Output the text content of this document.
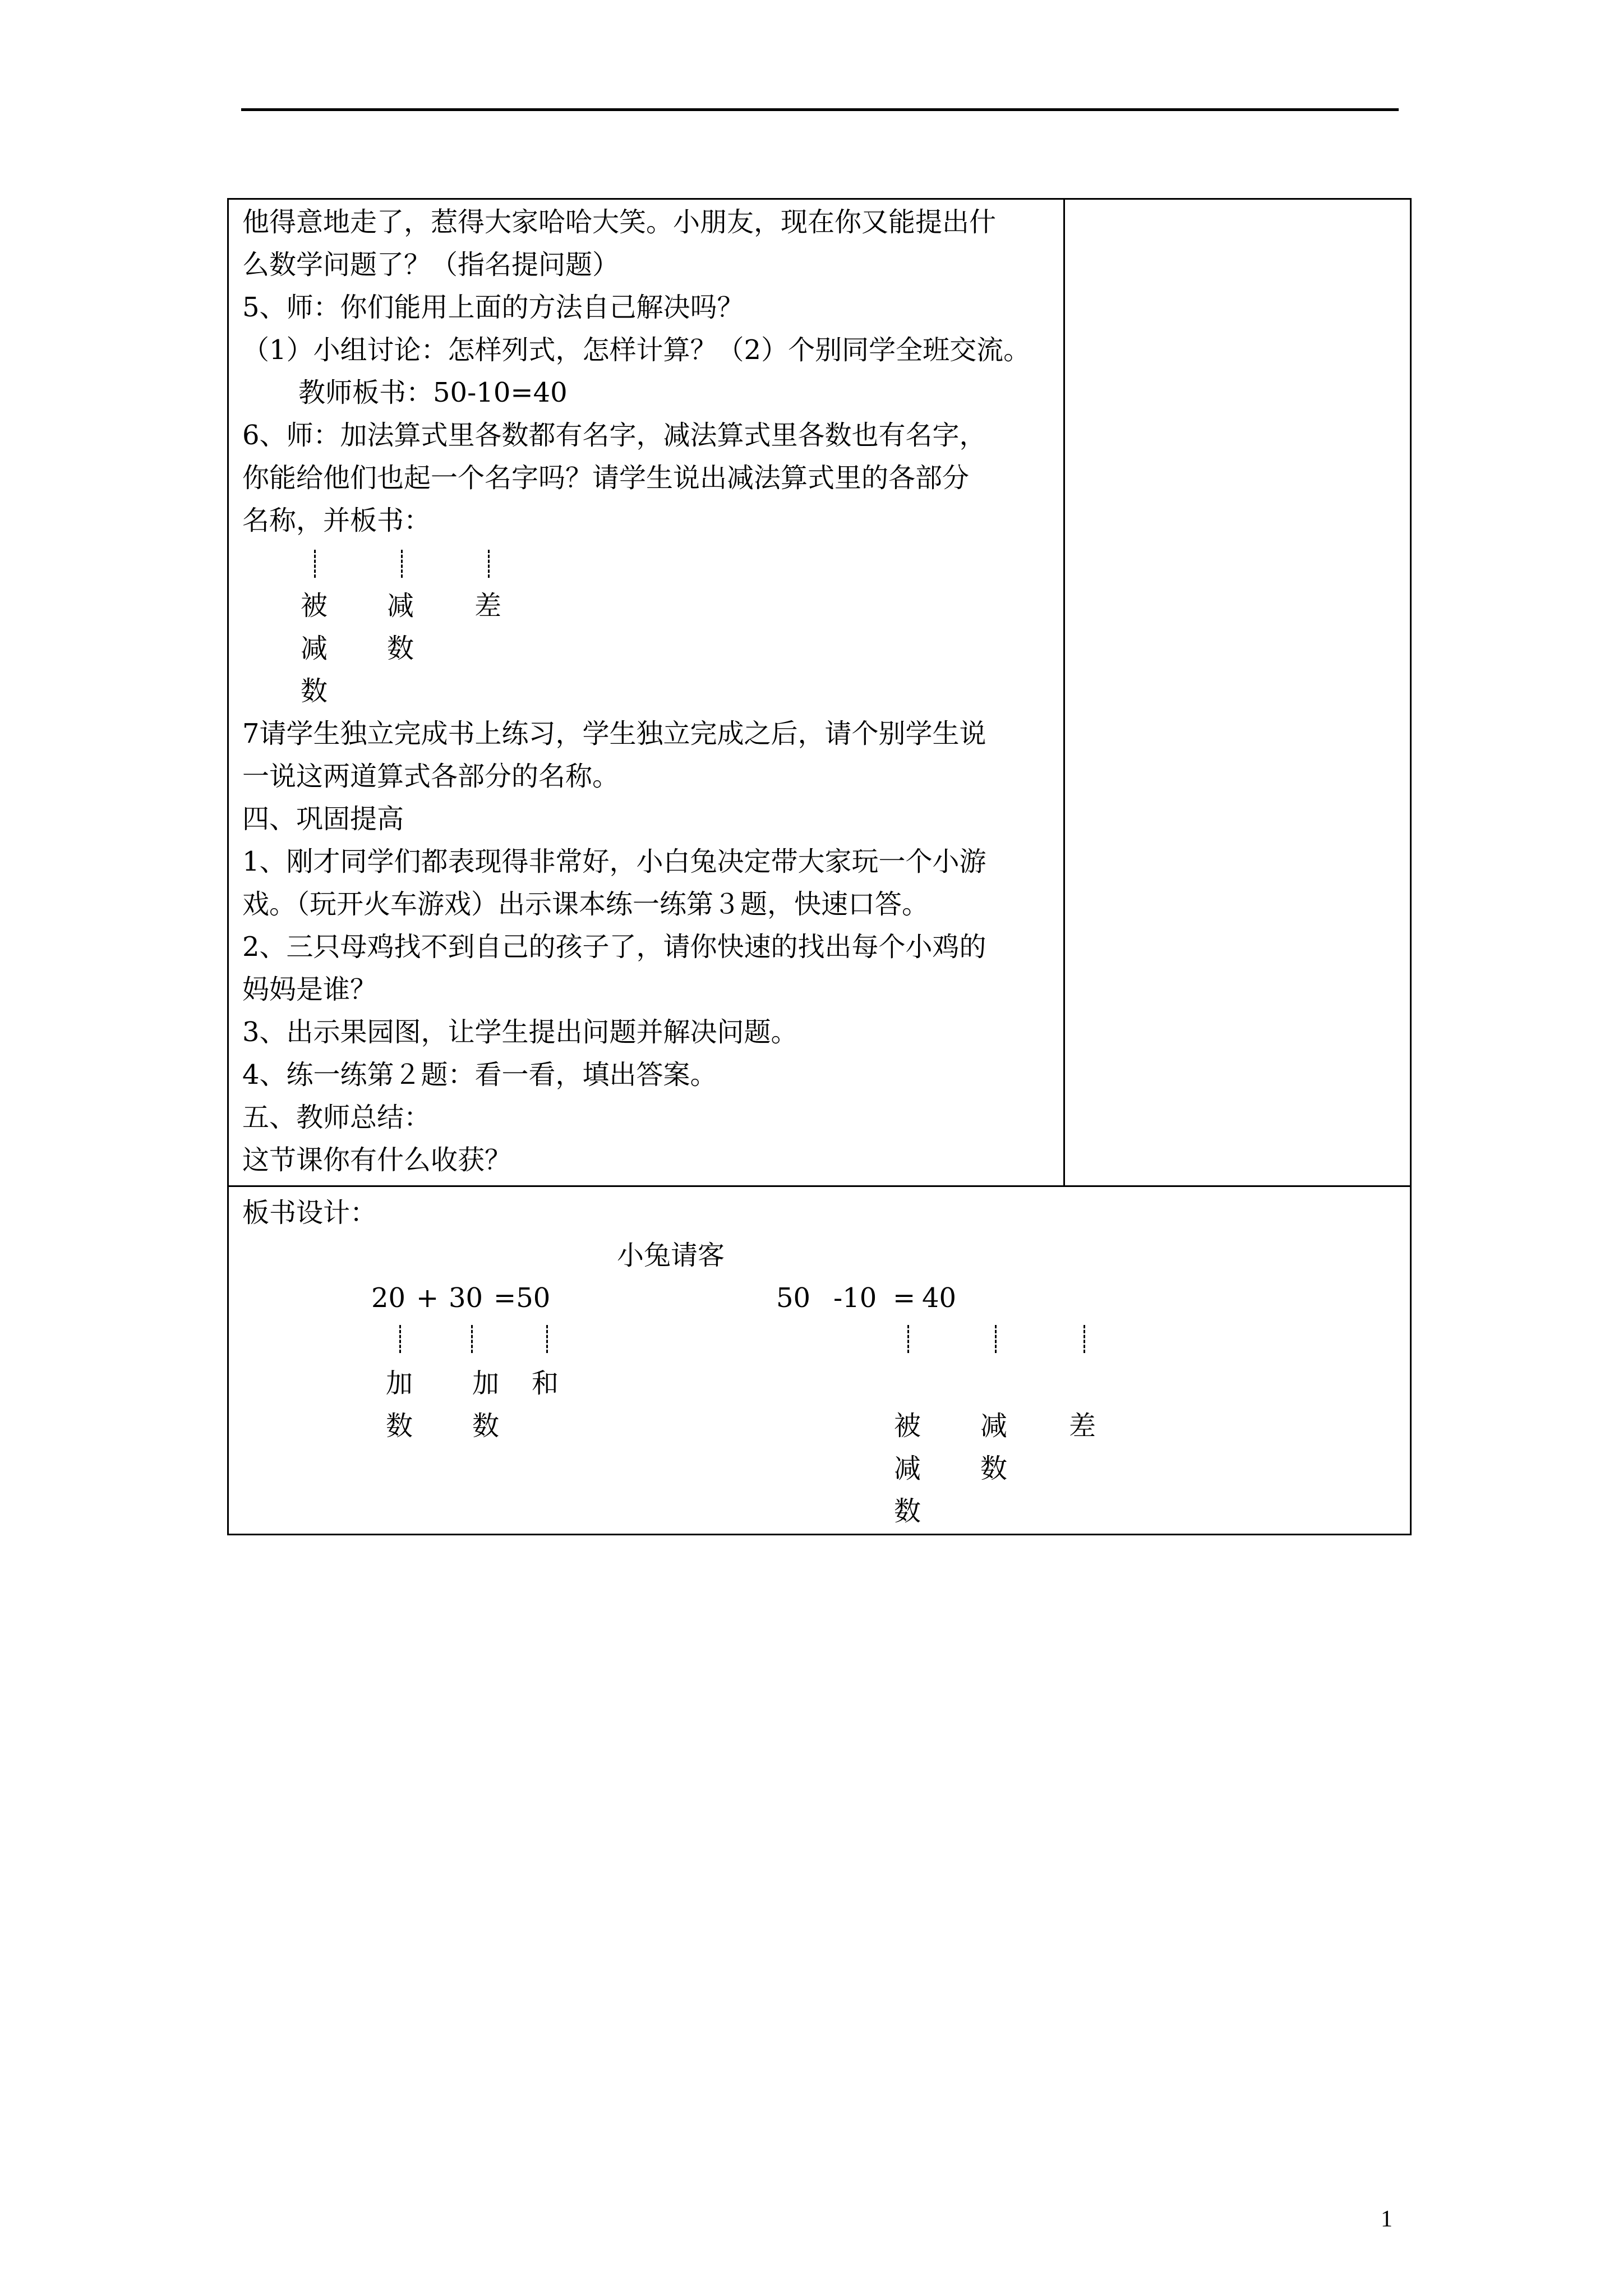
他得意地走了，惹得大家哈哈大笑。小朋友，现在你又能提出什
么数学问题了？（指名提问题）
5、师：你们能用上面的方法自己解决吗？
（1）小组讨论：怎样列式，怎样计算？（2）个别同学全班交流。
教师板书：50-10=40
6、师：加法算式里各数都有名字，减法算式里各数也有名字，
你能给他们也起一个名字吗？请学生说出减法算式里的各部分
名称，并板书：
被
减
数
减
数
差
7请学生独立完成书上练习，学生独立完成之后，请个别学生说
一说这两道算式各部分的名称。
四、巩固提高
1、刚才同学们都表现得非常好，小白兔决定带大家玩一个小游
戏。（玩开火车游戏）出示课本练一练第３题，快速口答。
2、三只母鸡找不到自己的孩子了，请你快速的找出每个小鸡的
妈妈是谁？
3、出示果园图，让学生提出问题并解决问题。
4、练一练第２题：看一看，填出答案。
五、教师总结：
这节课你有什么收获？
板书设计：
小兔请客
20 + 30 =50
加
数
加
数
和
50 -10 = 40
被
减
数
减
数
差
1
